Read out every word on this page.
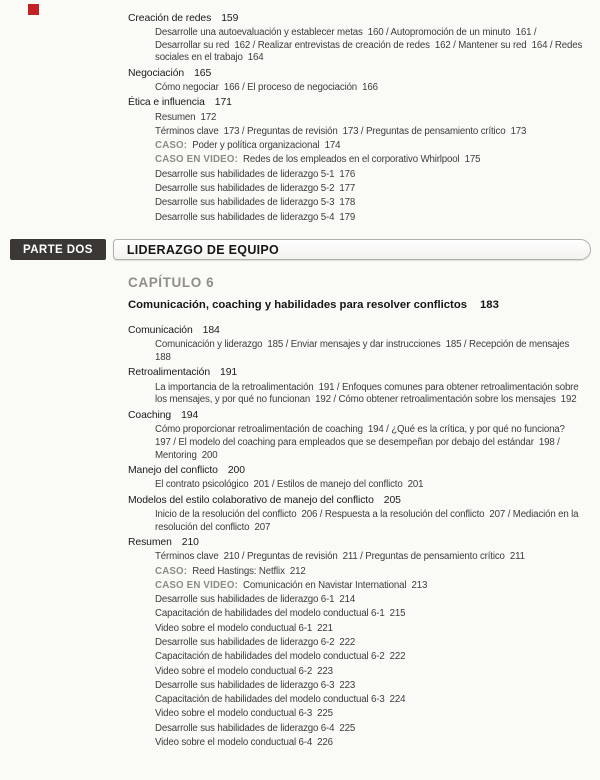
Creación de redes 159
Desarrolle una autoevaluación y establecer metas  160 / Autopromoción de un minuto  161 / Desarrollar su red  162 / Realizar entrevistas de creación de redes  162 / Mantener su red  164 / Redes sociales en el trabajo  164
Negociación 165
Cómo negociar  166 / El proceso de negociación  166
Ética e influencia 171
Resumen  172
Términos clave  173 / Preguntas de revisión  173 / Preguntas de pensamiento crítico  173
CASO: Poder y política organizacional  174
CASO EN VIDEO: Redes de los empleados en el corporativo Whirlpool  175
Desarrolle sus habilidades de liderazgo 5-1  176
Desarrolle sus habilidades de liderazgo 5-2  177
Desarrolle sus habilidades de liderazgo 5-3  178
Desarrolle sus habilidades de liderazgo 5-4  179
PARTE DOS	LIDERAZGO DE EQUIPO
CAPÍTULO 6
Comunicación, coaching y habilidades para resolver conflictos 183
Comunicación 184
Comunicación y liderazgo  185 / Enviar mensajes y dar instrucciones  185 / Recepción de mensajes  188
Retroalimentación 191
La importancia de la retroalimentación  191 / Enfoques comunes para obtener retroalimentación sobre los mensajes, y por qué no funcionan  192 / Cómo obtener retroalimentación sobre los mensajes  192
Coaching 194
Cómo proporcionar retroalimentación de coaching  194 / ¿Qué es la crítica, y por qué no funciona?  197 / El modelo del coaching para empleados que se desempeñan por debajo del estándar  198 / Mentoring  200
Manejo del conflicto 200
El contrato psicológico  201 / Estilos de manejo del conflicto  201
Modelos del estilo colaborativo de manejo del conflicto 205
Inicio de la resolución del conflicto  206 / Respuesta a la resolución del conflicto  207 / Mediación en la resolución del conflicto  207
Resumen 210
Términos clave  210 / Preguntas de revisión  211 / Preguntas de pensamiento crítico  211
CASO: Reed Hastings: Netflix  212
CASO EN VIDEO: Comunicación en Navistar International  213
Desarrolle sus habilidades de liderazgo 6-1  214
Capacitación de habilidades del modelo conductual 6-1  215
Video sobre el modelo conductual 6-1  221
Desarrolle sus habilidades de liderazgo 6-2  222
Capacitación de habilidades del modelo conductual 6-2  222
Video sobre el modelo conductual 6-2  223
Desarrolle sus habilidades de liderazgo 6-3  223
Capacitación de habilidades del modelo conductual 6-3  224
Video sobre el modelo conductual 6-3  225
Desarrolle sus habilidades de liderazgo 6-4  225
Video sobre el modelo conductual 6-4  226
